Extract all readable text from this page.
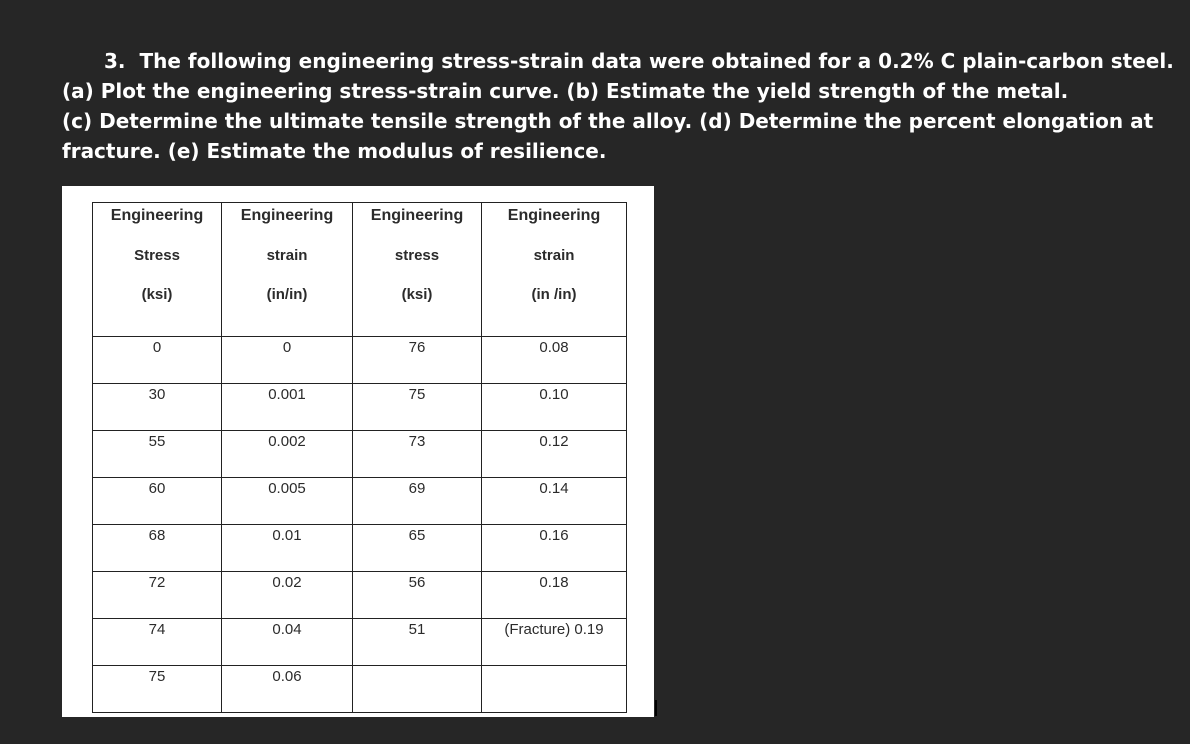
3. The following engineering stress-strain data were obtained for a 0.2% C plain-carbon steel.
(a) Plot the engineering stress-strain curve. (b) Estimate the yield strength of the metal.
(c) Determine the ultimate tensile strength of the alloy. (d) Determine the percent elongation at
fracture. (e) Estimate the modulus of resilience.
Engineering
Stress
(ksi)	Engineering
strain
(in/in)	Engineering
stress
(ksi)	Engineering
strain
(in /in)

0	0	76	0.08
30	0.001	75	0.10
55	0.002	73	0.12
60	0.005	69	0.14
68	0.01	65	0.16
72	0.02	56	0.18
74	0.04	51	(Fracture) 0.19
75	0.06		
